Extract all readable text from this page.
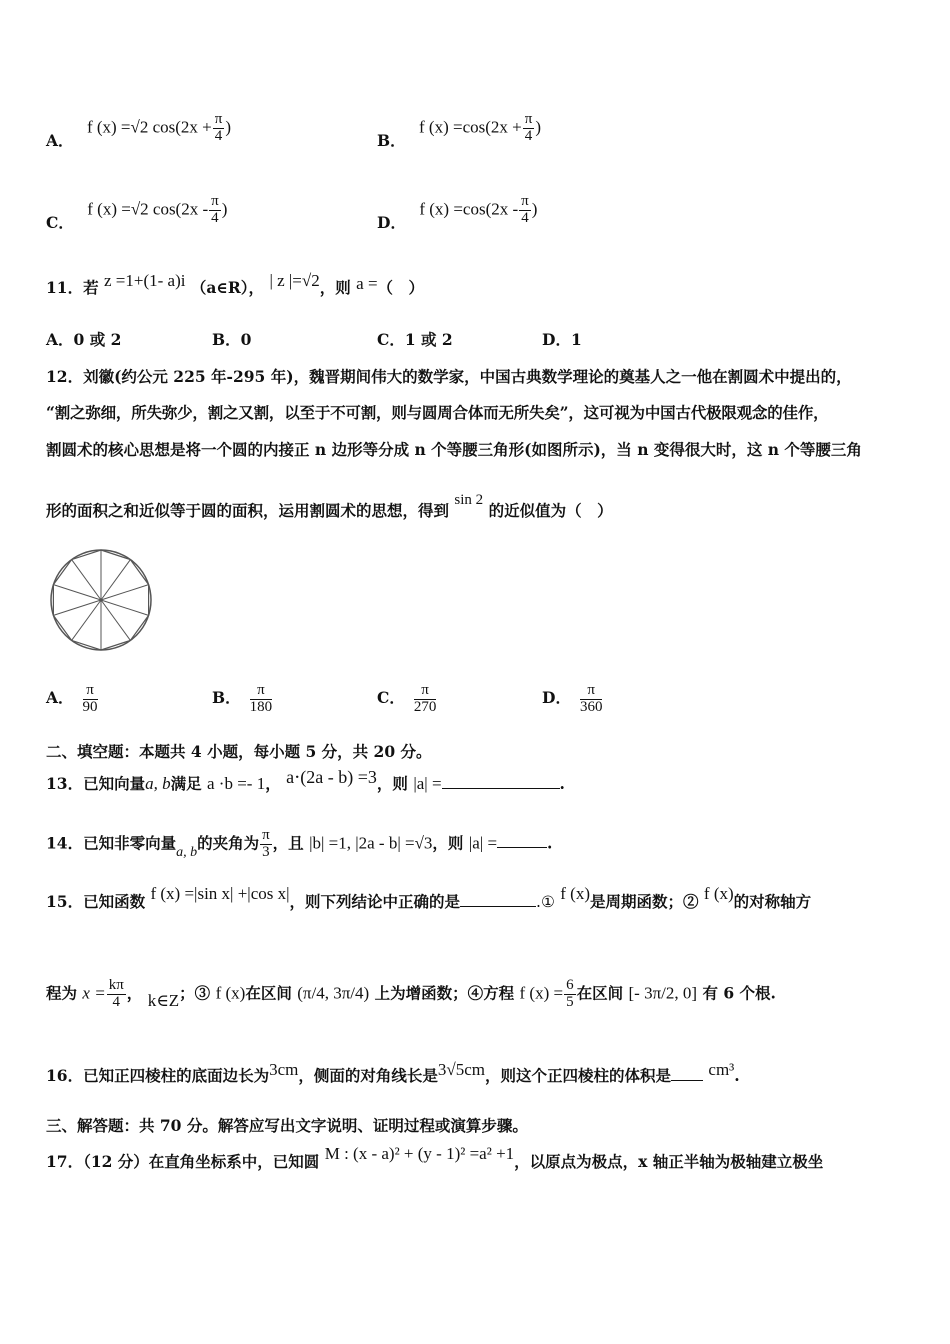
A． f (x) =√2 $\cos(2x + \frac{\pi}{4}$ )
B． f $(x) =\cos(2x + \frac{\pi}{4}$ )
C． f (x) =√2 $\cos(2x - \frac{\pi}{4}$ )
D． f $(x) =\cos(2x - \frac{\pi}{4}$ )
11．若 z =1+(1- a)i （a∈R）， | z |=√2，则 a =（　）
A．0 或 2	B．0	C．1 或 2	D．1
12．刘徽(约公元 225 年-295 年)，魏晋期间伟大的数学家，中国古典数学理论的奠基人之一他在割圆术中提出的，
“割之弥细，所失弥少，割之又割，以至于不可割，则与圆周合体而无所失矣”，这可视为中国古代极限观念的佳作，
割圆术的核心思想是将一个圆的内接正 n 边形等分成 n 个等腰三角形(如图所示)，当 n 变得很大时，这 n 个等腰三角
形的面积之和近似等于圆的面积，运用割圆术的思想，得到 sin 2 的近似值为（　）
A． $\frac{\pi}{90}$	B． $\frac{\pi}{180}$	C． $\frac{\pi}{270}$	D． $\frac{\pi}{360}$
二、填空题：本题共 4 小题，每小题 5 分，共 20 分。
13．已知向量a, b满足 a ·b =- 1， a⋅(2a - b) =3，则 |a| =	.
14．已知非零向量a, b的夹角为 $\frac{\pi}{3}$ ，且 |b| =1, |2a - b| =√3，则 |a| =	.
15．已知函数 f (x) =|sin x| +|cos x|，则下列结论中正确的是	.① f (x)是周期函数；② f (x)的对称轴方
程为 $x = \frac{k\pi}{4}$ ， k∈Z；③ f (x)在区间 (π/4, 3π/4) 上为增函数；④方程 f $(x) = \frac{6}{5}$ 在区间 [- 3π/2, 0] 有 6 个根.
16．已知正四棱柱的底面边长为3cm，侧面的对角线长是3√5cm，则这个正四棱柱的体积是 cm³.
三、解答题：共 70 分。解答应写出文字说明、证明过程或演算步骤。
17．（12 分）在直角坐标系中，已知圆 M : (x - a)² + (y - 1)² =a² +1，以原点为极点，x 轴正半轴为极轴建立极坐
